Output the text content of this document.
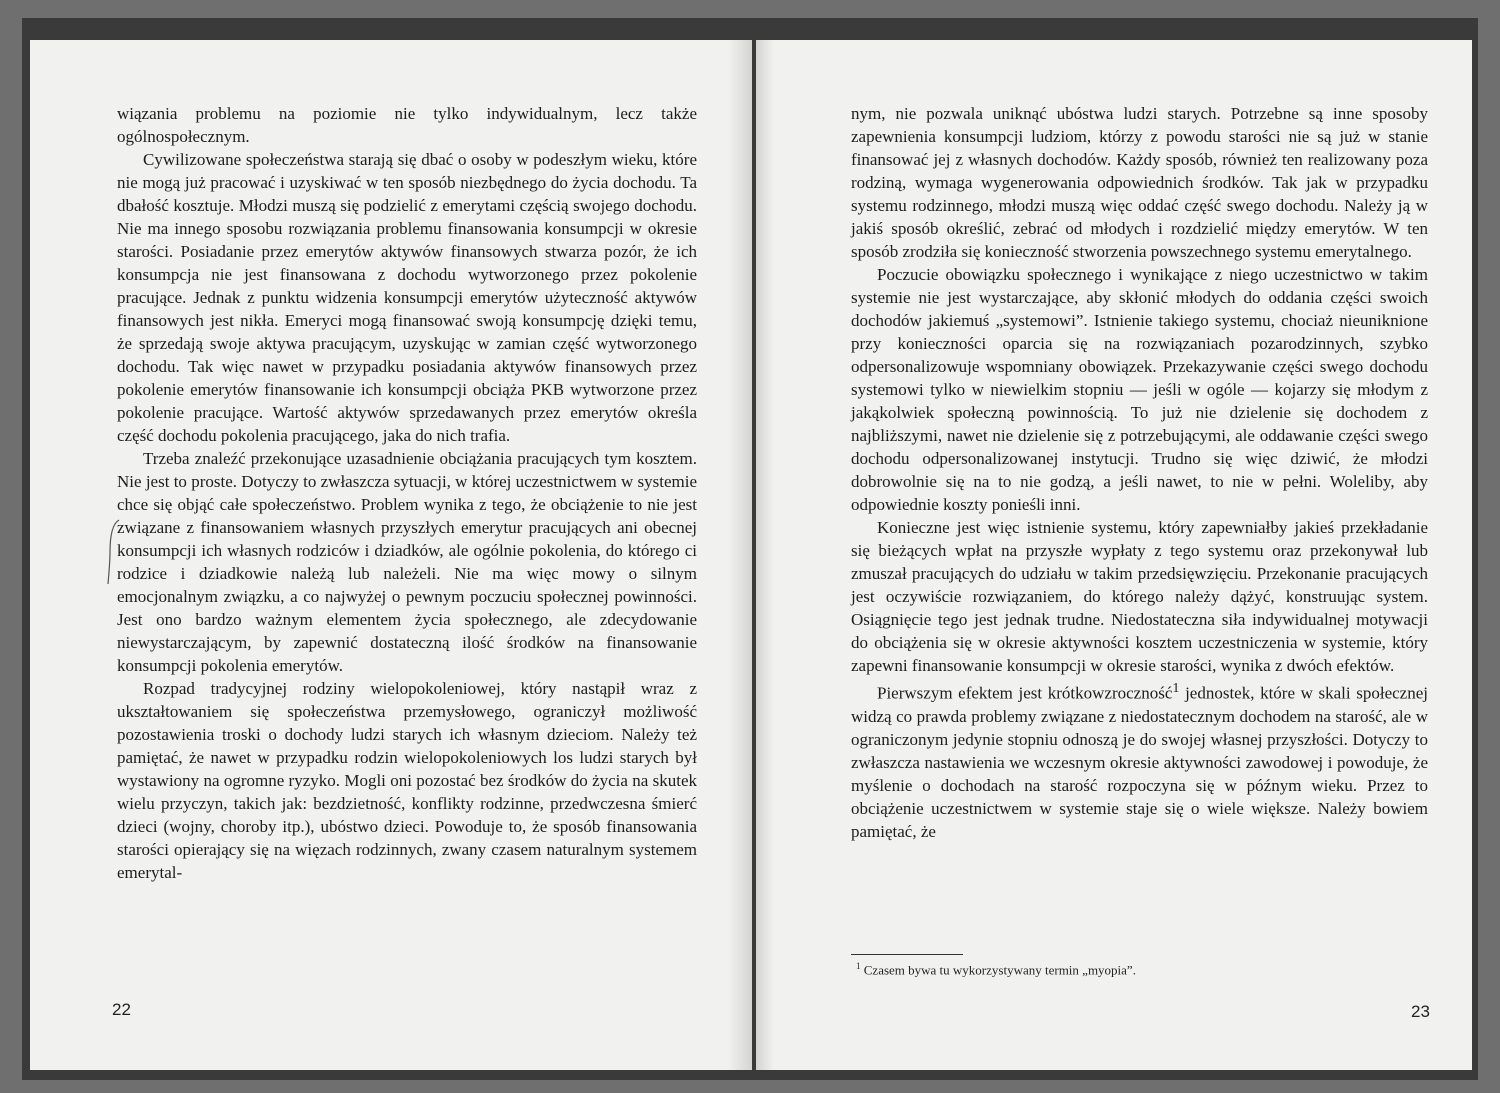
wiązania problemu na poziomie nie tylko indywidualnym, lecz także ogólnospołecznym.

Cywilizowane społeczeństwa starają się dbać o osoby w podeszłym wieku, które nie mogą już pracować i uzyskiwać w ten sposób niezbędnego do życia dochodu. Ta dbałość kosztuje. Młodzi muszą się podzielić z emerytami częścią swojego dochodu. Nie ma innego sposobu rozwiązania problemu finansowania konsumpcji w okresie starości. Posiadanie przez emerytów aktywów finansowych stwarza pozór, że ich konsumpcja nie jest finansowana z dochodu wytworzonego przez pokolenie pracujące. Jednak z punktu widzenia konsumpcji emerytów użyteczność aktywów finansowych jest nikła. Emeryci mogą finansować swoją konsumpcję dzięki temu, że sprzedają swoje aktywa pracującym, uzyskując w zamian część wytworzonego dochodu. Tak więc nawet w przypadku posiadania aktywów finansowych przez pokolenie emerytów finansowanie ich konsumpcji obciąża PKB wytworzone przez pokolenie pracujące. Wartość aktywów sprzedawanych przez emerytów określa część dochodu pokolenia pracującego, jaka do nich trafia.

Trzeba znaleźć przekonujące uzasadnienie obciążania pracujących tym kosztem. Nie jest to proste. Dotyczy to zwłaszcza sytuacji, w której uczestnictwem w systemie chce się objąć całe społeczeństwo. Problem wynika z tego, że obciążenie to nie jest związane z finansowaniem własnych przyszłych emerytur pracujących ani obecnej konsumpcji ich własnych rodziców i dziadków, ale ogólnie pokolenia, do którego ci rodzice i dziadkowie należą lub należeli. Nie ma więc mowy o silnym emocjonalnym związku, a co najwyżej o pewnym poczuciu społecznej powinności. Jest ono bardzo ważnym elementem życia społecznego, ale zdecydowanie niewystarczającym, by zapewnić dostateczną ilość środków na finansowanie konsumpcji pokolenia emerytów.

Rozpad tradycyjnej rodziny wielopokoleniowej, który nastąpił wraz z ukształtowaniem się społeczeństwa przemysłowego, ograniczył możliwość pozostawienia troski o dochody ludzi starych ich własnym dzieciom. Należy też pamiętać, że nawet w przypadku rodzin wielopokoleniowych los ludzi starych był wystawiony na ogromne ryzyko. Mogli oni pozostać bez środków do życia na skutek wielu przyczyn, takich jak: bezdzietność, konflikty rodzinne, przedwczesna śmierć dzieci (wojny, choroby itp.), ubóstwo dzieci. Powoduje to, że sposób finansowania starości opierający się na więzach rodzinnych, zwany czasem naturalnym systemem emerytal-

22

nym, nie pozwala uniknąć ubóstwa ludzi starych. Potrzebne są inne sposoby zapewnienia konsumpcji ludziom, którzy z powodu starości nie są już w stanie finansować jej z własnych dochodów. Każdy sposób, również ten realizowany poza rodziną, wymaga wygenerowania odpowiednich środków. Tak jak w przypadku systemu rodzinnego, młodzi muszą więc oddać część swego dochodu. Należy ją w jakiś sposób określić, zebrać od młodych i rozdzielić między emerytów. W ten sposób zrodziła się konieczność stworzenia powszechnego systemu emerytalnego.

Poczucie obowiązku społecznego i wynikające z niego uczestnictwo w takim systemie nie jest wystarczające, aby skłonić młodych do oddania części swoich dochodów jakiemuś „systemowi”. Istnienie takiego systemu, chociaż nieuniknione przy konieczności oparcia się na rozwiązaniach pozarodzinnych, szybko odpersonalizowuje wspomniany obowiązek. Przekazywanie części swego dochodu systemowi tylko w niewielkim stopniu — jeśli w ogóle — kojarzy się młodym z jakąkolwiek społeczną powinnością. To już nie dzielenie się dochodem z najbliższymi, nawet nie dzielenie się z potrzebującymi, ale oddawanie części swego dochodu odpersonalizowanej instytucji. Trudno się więc dziwić, że młodzi dobrowolnie się na to nie godzą, a jeśli nawet, to nie w pełni. Woleliby, aby odpowiednie koszty ponieśli inni.

Konieczne jest więc istnienie systemu, który zapewniałby jakieś przekładanie się bieżących wpłat na przyszłe wypłaty z tego systemu oraz przekonywał lub zmuszał pracujących do udziału w takim przedsięwzięciu. Przekonanie pracujących jest oczywiście rozwiązaniem, do którego należy dążyć, konstruując system. Osiągnięcie tego jest jednak trudne. Niedostateczna siła indywidualnej motywacji do obciążenia się w okresie aktywności kosztem uczestniczenia w systemie, który zapewni finansowanie konsumpcji w okresie starości, wynika z dwóch efektów.

Pierwszym efektem jest krótkowzroczność$^1$ jednostek, które w skali społecznej widzą co prawda problemy związane z niedostatecznym dochodem na starość, ale w ograniczonym jedynie stopniu odnoszą je do swojej własnej przyszłości. Dotyczy to zwłaszcza nastawienia we wczesnym okresie aktywności zawodowej i powoduje, że myślenie o dochodach na starość rozpoczyna się w późnym wieku. Przez to obciążenie uczestnictwem w systemie staje się o wiele większe. Należy bowiem pamiętać, że

$^1$ Czasem bywa tu wykorzystywany termin „myopia”.
23
